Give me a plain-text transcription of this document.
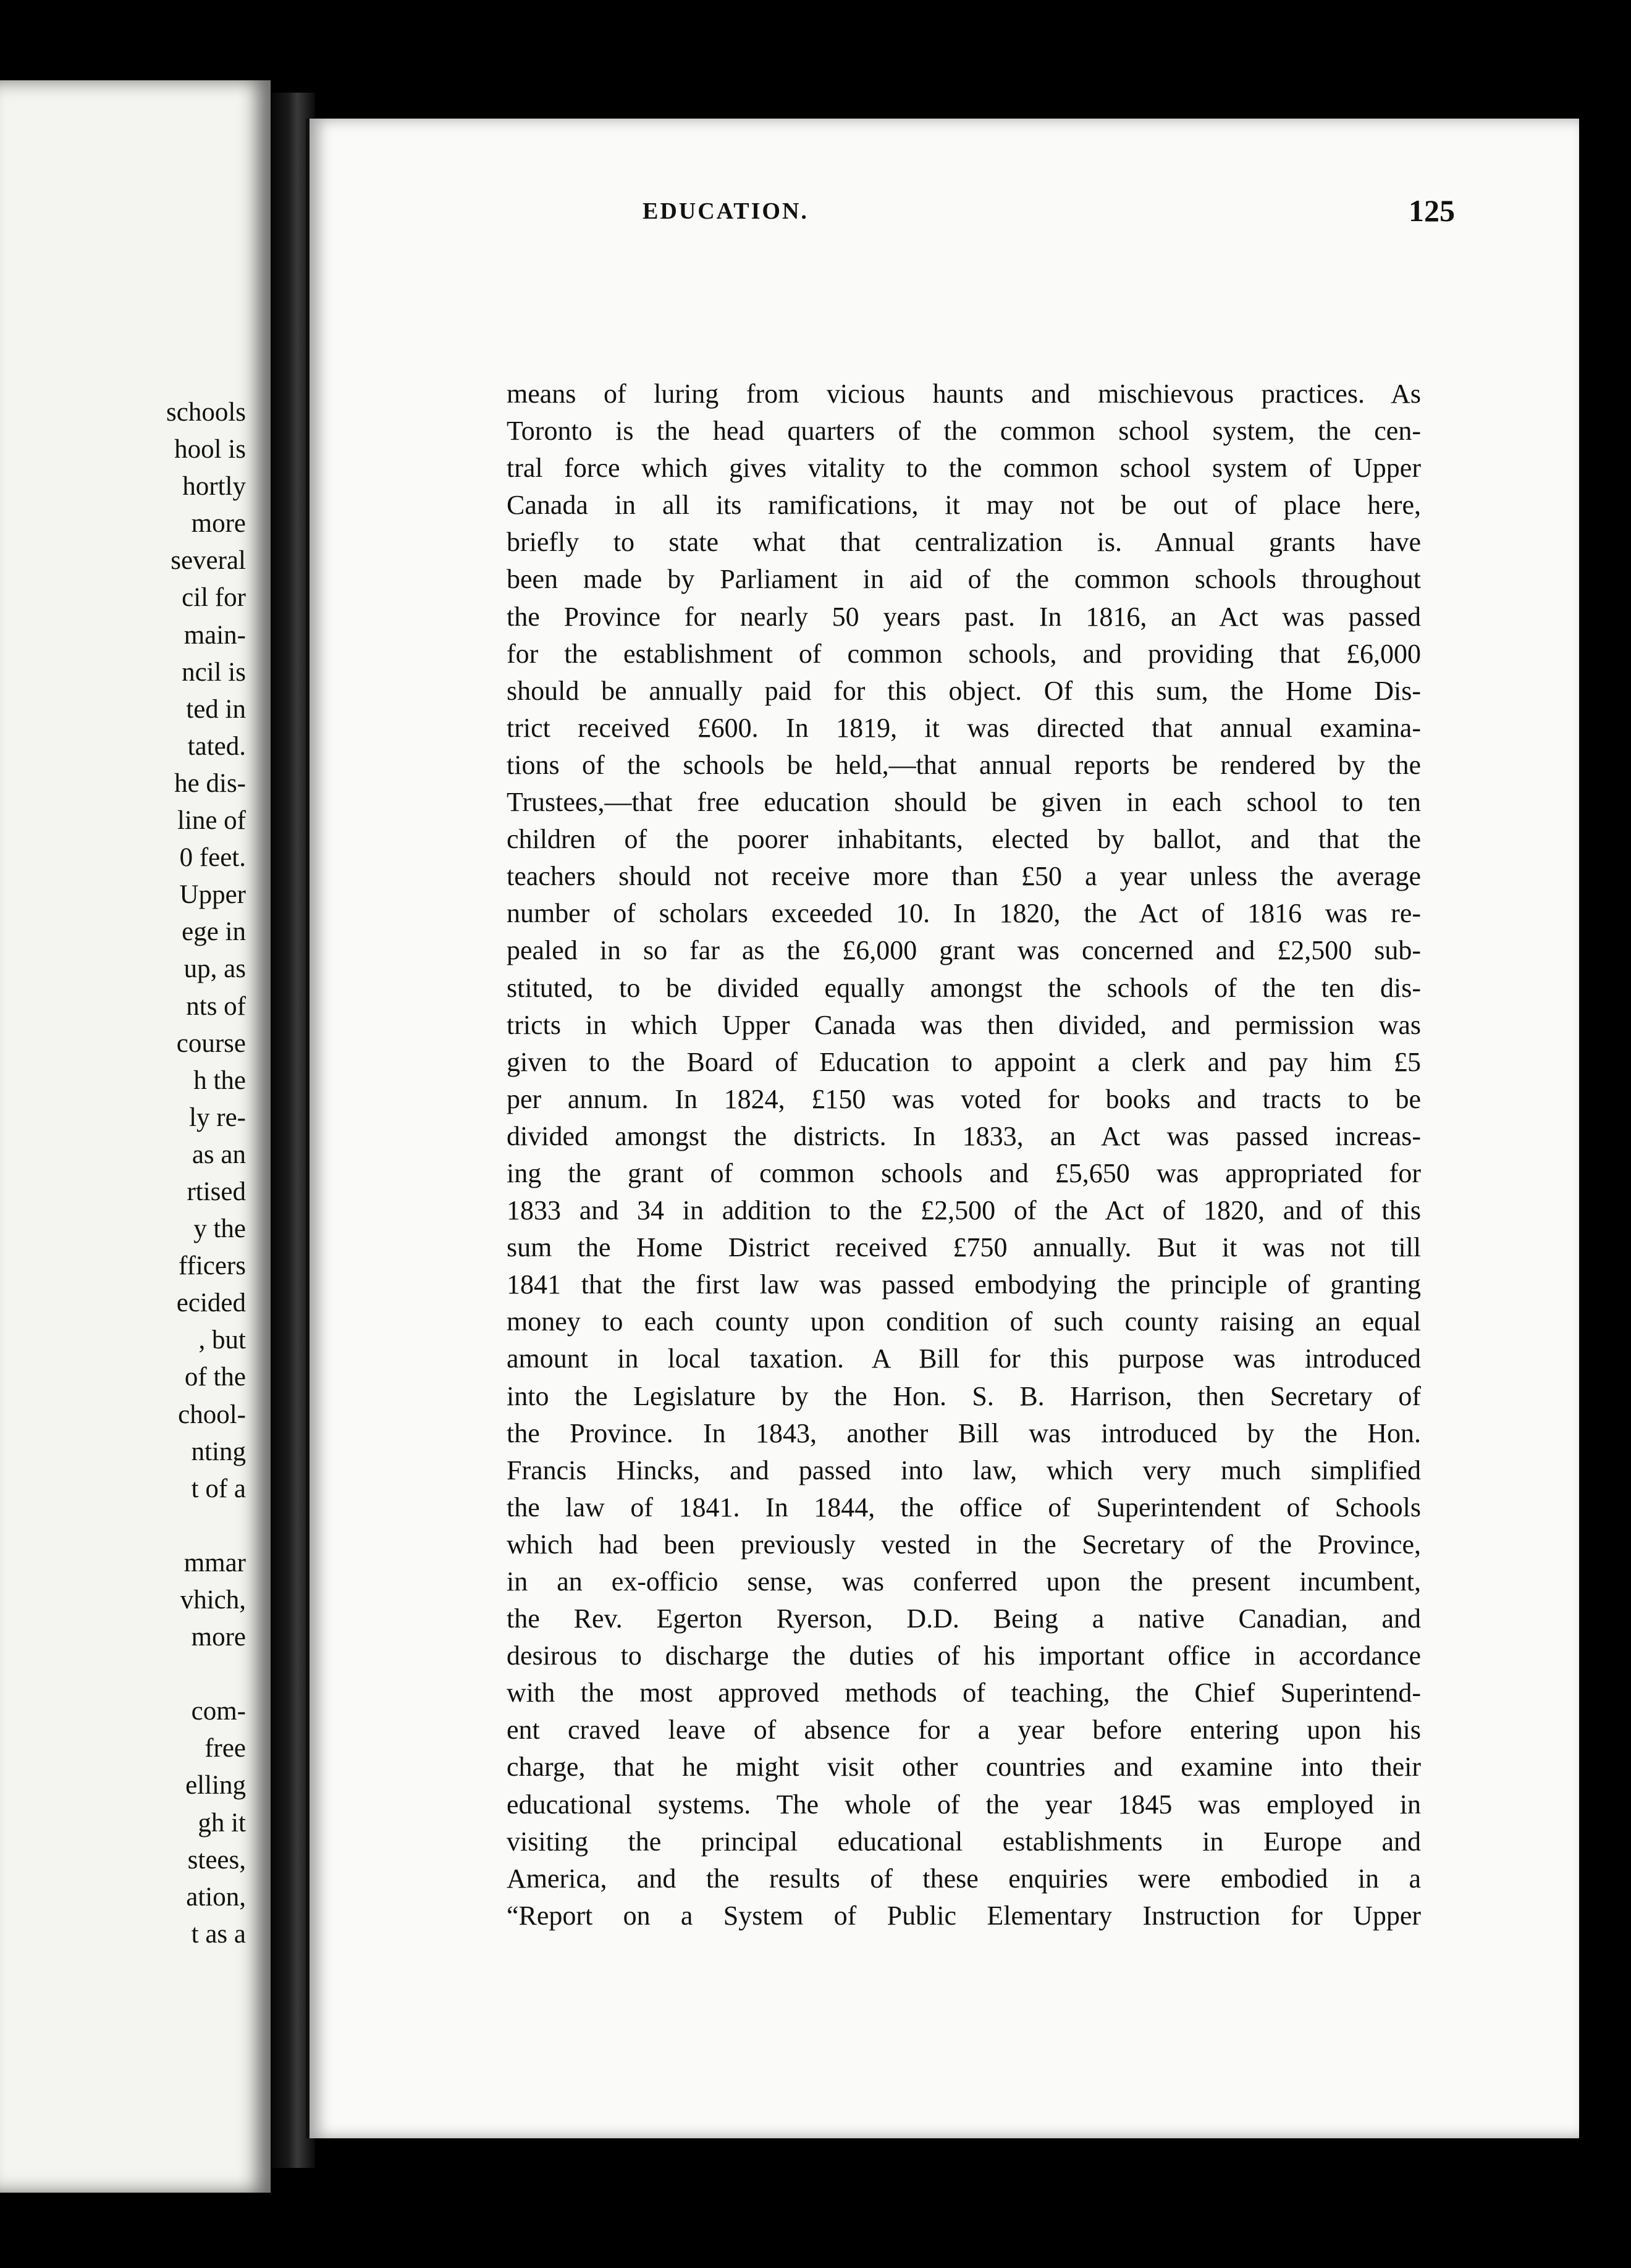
schools
hool is
hortly
more
several
cil for
main-
ncil is
ted in
tated.
he dis-
line of
0 feet.
Upper
ege in
up, as
nts of
course
h the
ly re-
as an
rtised
y the
fficers
ecided
, but
of the
chool-
nting
t of a
mmar
vhich,
more
com-
free
elling
gh it
stees,
ation,
t as a
EDUCATION.	125
means of luring from vicious haunts and mischievous practices. As
Toronto is the head quarters of the common school system, the cen-
tral force which gives vitality to the common school system of Upper
Canada in all its ramifications, it may not be out of place here,
briefly to state what that centralization is. Annual grants have
been made by Parliament in aid of the common schools throughout
the Province for nearly 50 years past. In 1816, an Act was passed
for the establishment of common schools, and providing that £6,000
should be annually paid for this object. Of this sum, the Home Dis-
trict received £600. In 1819, it was directed that annual examina-
tions of the schools be held,—that annual reports be rendered by the
Trustees,—that free education should be given in each school to ten
children of the poorer inhabitants, elected by ballot, and that the
teachers should not receive more than £50 a year unless the average
number of scholars exceeded 10. In 1820, the Act of 1816 was re-
pealed in so far as the £6,000 grant was concerned and £2,500 sub-
stituted, to be divided equally amongst the schools of the ten dis-
tricts in which Upper Canada was then divided, and permission was
given to the Board of Education to appoint a clerk and pay him £5
per annum. In 1824, £150 was voted for books and tracts to be
divided amongst the districts. In 1833, an Act was passed increas-
ing the grant of common schools and £5,650 was appropriated for
1833 and 34 in addition to the £2,500 of the Act of 1820, and of this
sum the Home District received £750 annually. But it was not till
1841 that the first law was passed embodying the principle of granting
money to each county upon condition of such county raising an equal
amount in local taxation. A Bill for this purpose was introduced
into the Legislature by the Hon. S. B. Harrison, then Secretary of
the Province. In 1843, another Bill was introduced by the Hon.
Francis Hincks, and passed into law, which very much simplified
the law of 1841. In 1844, the office of Superintendent of Schools
which had been previously vested in the Secretary of the Province,
in an ex-officio sense, was conferred upon the present incumbent,
the Rev. Egerton Ryerson, D.D. Being a native Canadian, and
desirous to discharge the duties of his important office in accordance
with the most approved methods of teaching, the Chief Superintend-
ent craved leave of absence for a year before entering upon his
charge, that he might visit other countries and examine into their
educational systems. The whole of the year 1845 was employed in
visiting the principal educational establishments in Europe and
America, and the results of these enquiries were embodied in a
“Report on a System of Public Elementary Instruction for Upper
